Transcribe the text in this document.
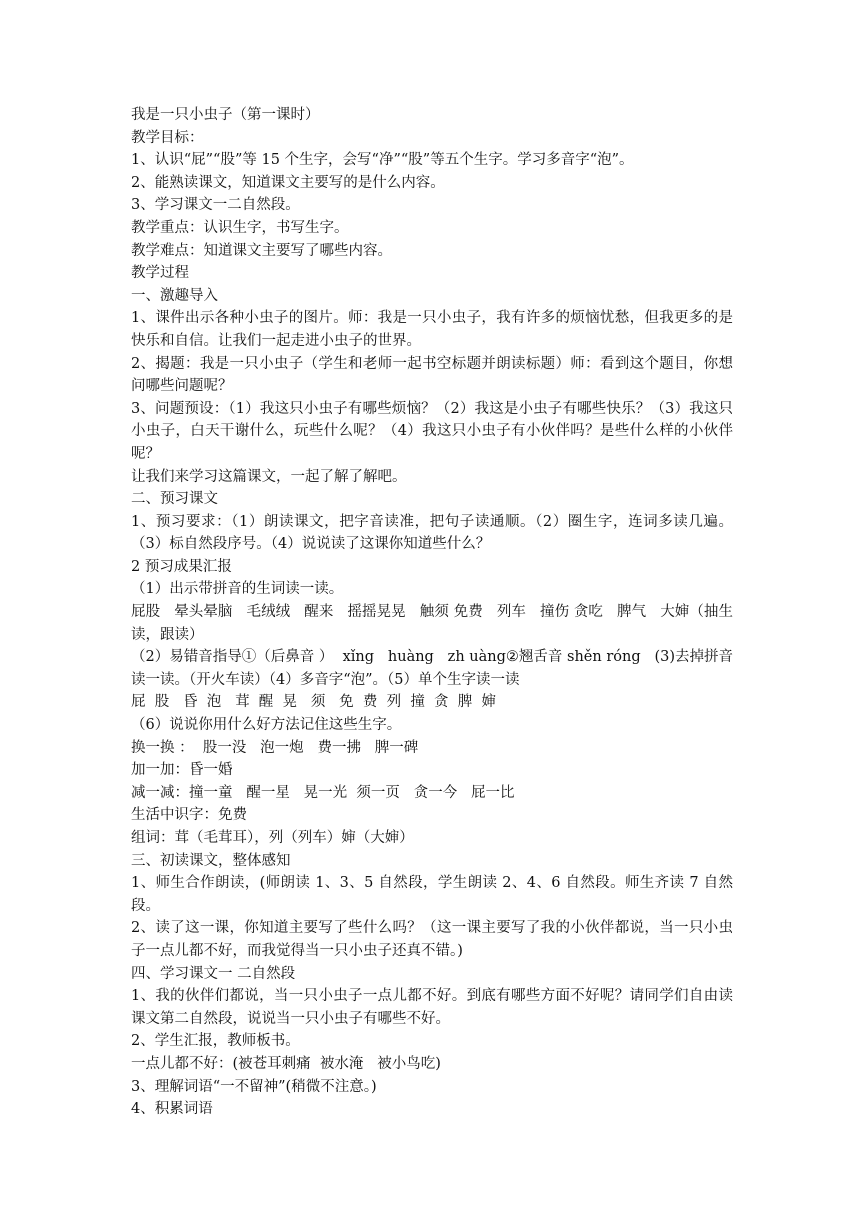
我是一只小虫子（第一课时）

教学目标：

1、认识“屁”“股”等 15 个生字，会写“净”“股”等五个生字。学习多音字“泡”。

2、能熟读课文，知道课文主要写的是什么内容。

3、学习课文一二自然段。

教学重点：认识生字，书写生字。

教学难点：知道课文主要写了哪些内容。

教学过程

一、激趣导入

1、课件出示各种小虫子的图片。师：我是一只小虫子，我有许多的烦恼忧愁，但我更多的是快乐和自信。让我们一起走进小虫子的世界。

2、揭题：我是一只小虫子（学生和老师一起书空标题并朗读标题）师：看到这个题目，你想问哪些问题呢？

3、问题预设：（1）我这只小虫子有哪些烦恼？（2）我这是小虫子有哪些快乐？（3）我这只小虫子，白天干谢什么，玩些什么呢？（4）我这只小虫子有小伙伴吗？是些什么样的小伙伴呢？

让我们来学习这篇课文，一起了解了解吧。

二、预习课文

1、预习要求：（1）朗读课文，把字音读准，把句子读通顺。（2）圈生字，连词多读几遍。（3）标自然段序号。（4）说说读了这课你知道些什么？

2 预习成果汇报

（1）出示带拼音的生词读一读。

屁股   晕头晕脑   毛绒绒   醒来   摇摇晃晃   触须 免费   列车   撞伤 贪吃   脾气   大婶（抽生读，跟读）

（2）易错音指导①（后鼻音 ）  xǐng   huàng   zh uàng②翘舌音 shěn róng   (3)去掉拼音读一读。（开火车读）（4）多音字“泡”。（5）单个生字读一读

屁  股   昏  泡   茸  醒  晃   须   免  费  列  撞  贪  脾  婶

（6）说说你用什么好方法记住这些生字。

换一换 ：  股一没   泡一炮   费一拂   脾一碑

加一加：昏一婚

减一减：撞一童   醒一星   晃一光  须一页   贪一今   屁一比

生活中识字：免费

组词：茸（毛茸耳），列（列车）婶（大婶）

三、初读课文，整体感知

1、师生合作朗读，(师朗读 1、3、5 自然段，学生朗读 2、4、6 自然段。师生齐读 7 自然段。

2、读了这一课，你知道主要写了些什么吗？（这一课主要写了我的小伙伴都说，当一只小虫子一点儿都不好，而我觉得当一只小虫子还真不错。)

四、学习课文一 二自然段

1、我的伙伴们都说，当一只小虫子一点儿都不好。到底有哪些方面不好呢？请同学们自由读课文第二自然段，说说当一只小虫子有哪些不好。

2、学生汇报，教师板书。

一点儿都不好：(被苍耳刺痛  被水淹   被小鸟吃)

3、理解词语“一不留神”(稍微不注意。)

4、积累词语
